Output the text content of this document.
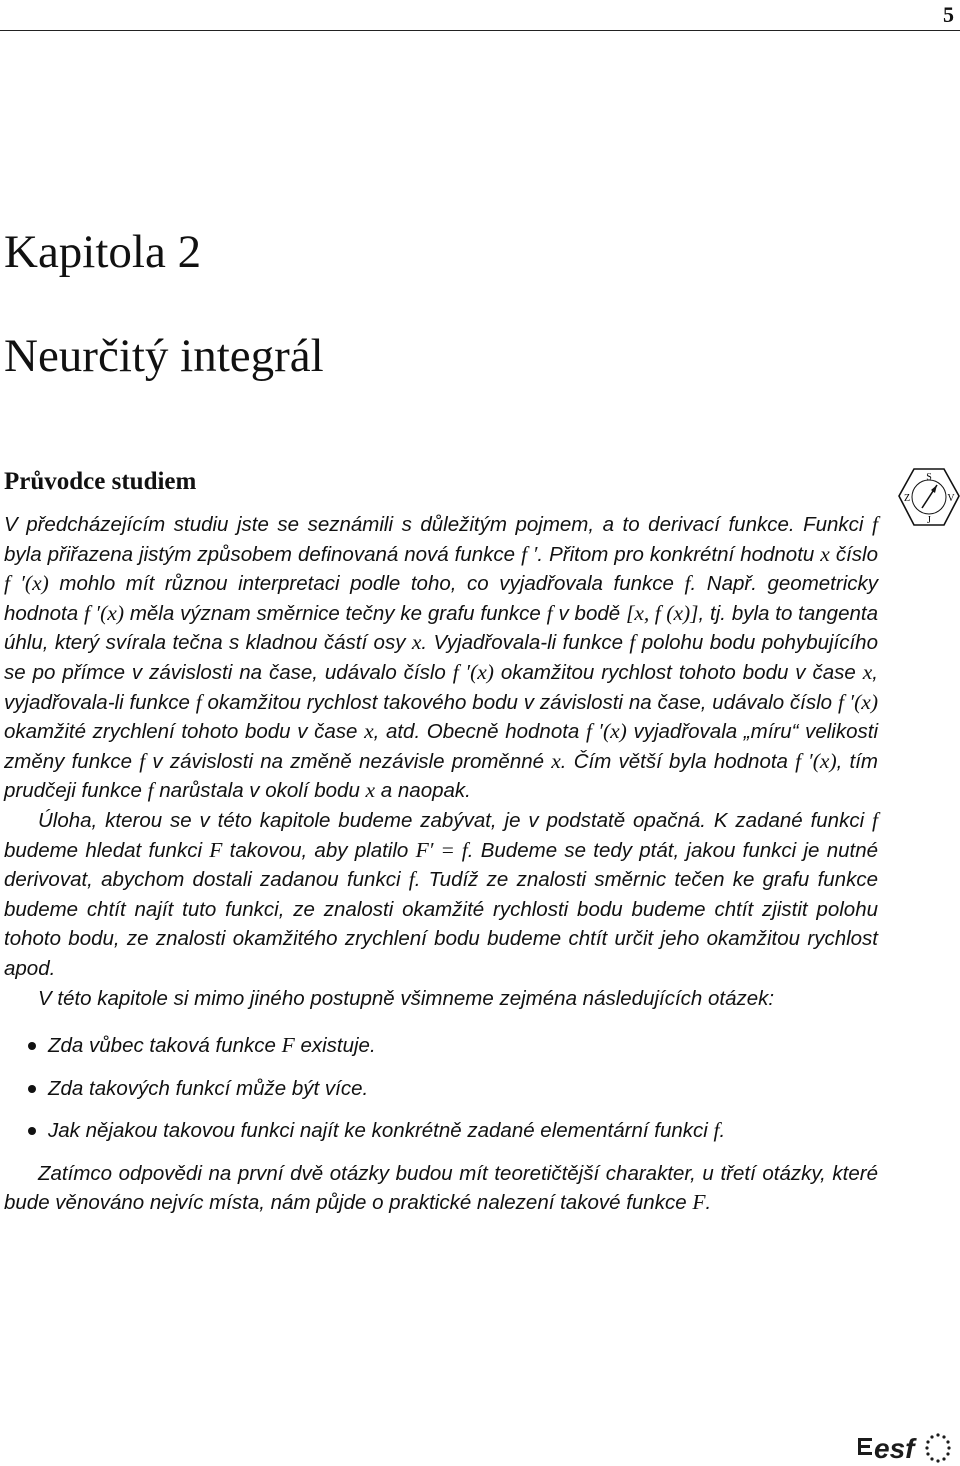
5
Kapitola 2
Neurčitý integrál
Průvodce studiem	S
J
Z	V

V předcházejícím studiu jste se seznámili s důležitým pojmem, a to derivací funkce. Funkci f byla přiřazena jistým způsobem definovaná nová funkce f ′. Přitom pro konkrétní hodnotu x číslo f ′(x) mohlo mít různou interpretaci podle toho, co vyjadřovala funkce f. Např. geometricky hodnota f ′(x) měla význam směrnice tečny ke grafu funkce f v bodě [x, f (x)], tj. byla to tangenta úhlu, který svírala tečna s kladnou částí osy x. Vyjadřovala-li funkce f polohu bodu pohybujícího se po přímce v závislosti na čase, udávalo číslo f ′(x) okamžitou rychlost tohoto bodu v čase x, vyjadřovala-li funkce f okamžitou rychlost takového bodu v závislosti na čase, udávalo číslo f ′(x) okamžité zrychlení tohoto bodu v čase x, atd. Obecně hodnota f ′(x) vyjadřovala „míru“ velikosti změny funkce f v závislosti na změně nezávisle proměnné x. Čím větší byla hodnota f ′(x), tím prudčeji funkce f narůstala v okolí bodu x a naopak.

Úloha, kterou se v této kapitole budeme zabývat, je v podstatě opačná. K zadané funkci f budeme hledat funkci F takovou, aby platilo F′ = f. Budeme se tedy ptát, jakou funkci je nutné derivovat, abychom dostali zadanou funkci f. Tudíž ze znalosti směrnic tečen ke grafu funkce budeme chtít najít tuto funkci, ze znalosti okamžité rychlosti bodu budeme chtít zjistit polohu tohoto bodu, ze znalosti okamžitého zrychlení bodu budeme chtít určit jeho okamžitou rychlost apod.

V této kapitole si mimo jiného postupně všimneme zejména následujících otázek:

Zda vůbec taková funkce F existuje.
Zda takových funkcí může být více.
Jak nějakou takovou funkci najít ke konkrétně zadané elementární funkci f.

Zatímco odpovědi na první dvě otázky budou mít teoretičtější charakter, u třetí otázky, které bude věnováno nejvíc místa, nám půjde o praktické nalezení takové funkce F.

esf
